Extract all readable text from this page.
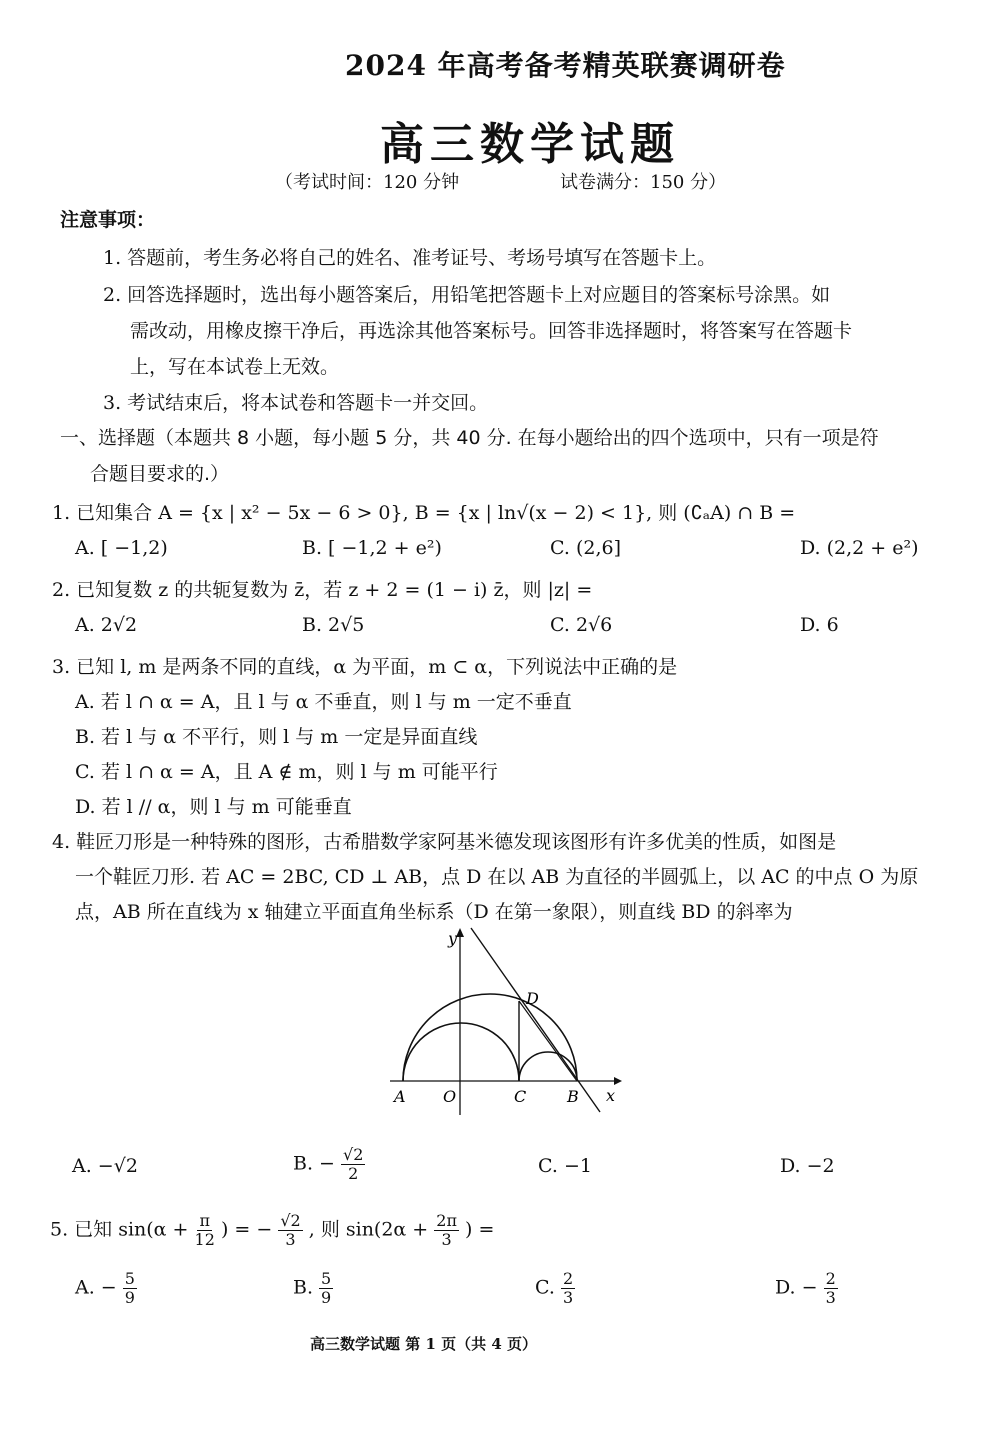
2024 年高考备考精英联赛调研卷
高三数学试题
（考试时间：120 分钟	试卷满分：150 分）
注意事项：
1. 答题前，考生务必将自己的姓名、准考证号、考场号填写在答题卡上。
2. 回答选择题时，选出每小题答案后，用铅笔把答题卡上对应题目的答案标号涂黑。如
需改动，用橡皮擦干净后，再选涂其他答案标号。回答非选择题时，将答案写在答题卡
上，写在本试卷上无效。
3. 考试结束后，将本试卷和答题卡一并交回。
一、选择题（本题共 8 小题，每小题 5 分，共 40 分. 在每小题给出的四个选项中，只有一项是符
合题目要求的.）
1. 已知集合 A = {x | x² − 5x − 6 > 0}, B = {x | ln√(x − 2) < 1}, 则 (∁ₐA) ∩ B =
A. [ −1,2)	B. [ −1,2 + e²)	C. (2,6]	D. (2,2 + e²)
2. 已知复数 z 的共轭复数为 z̄，若 z + 2 = (1 − i) z̄，则 |z| =
A. 2√2	B. 2√5	C. 2√6	D. 6
3. 已知 l, m 是两条不同的直线，α 为平面，m ⊂ α，下列说法中正确的是
A. 若 l ∩ α = A，且 l 与 α 不垂直，则 l 与 m 一定不垂直
B. 若 l 与 α 不平行，则 l 与 m 一定是异面直线
C. 若 l ∩ α = A，且 A ∉ m，则 l 与 m 可能平行
D. 若 l // α，则 l 与 m 可能垂直
4. 鞋匠刀形是一种特殊的图形，古希腊数学家阿基米德发现该图形有许多优美的性质，如图是
一个鞋匠刀形. 若 AC = 2BC, CD ⊥ AB，点 D 在以 AB 为直径的半圆弧上，以 AC 的中点 O 为原
点，AB 所在直线为 x 轴建立平面直角坐标系（D 在第一象限），则直线 BD 的斜率为
y
x
A O	C	B
D
A. −√2	B. − $\frac{√2}{2}$	C. −1	D. −2
5. 已知 $\sin(\alpha + \frac{\pi}{12}$ ) = − $\frac{√2}{3}$ , 则 $\sin(2\alpha + \frac{2\pi}{3}$ ) =
A. − $\frac{5}{9}$	B. $\frac{5}{9}$	C. $\frac{2}{3}$	D. − $\frac{2}{3}$
高三数学试题 第 1 页（共 4 页）
